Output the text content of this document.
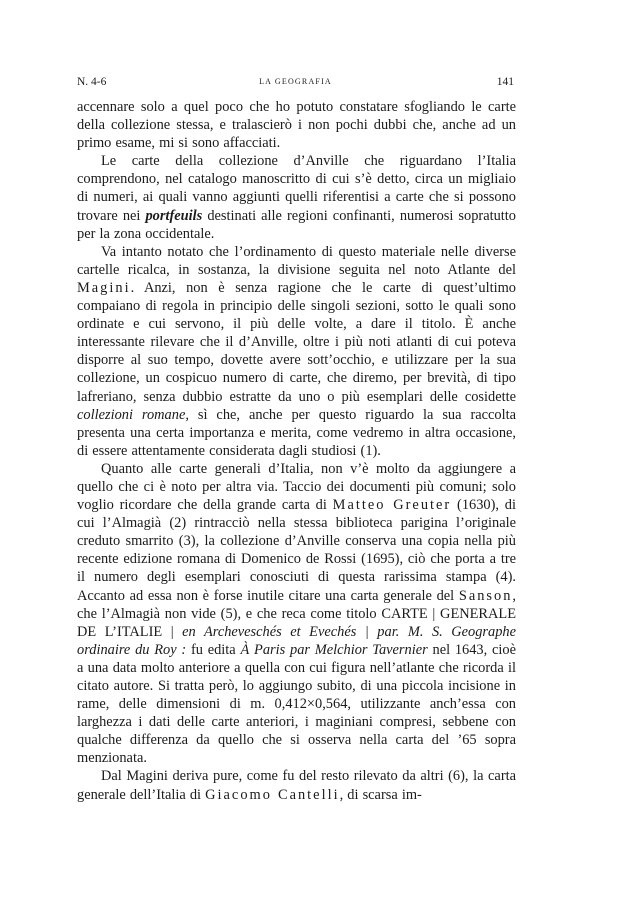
N. 4-6	LA GEOGRAFIA	141

accennare solo a quel poco che ho potuto constatare sfogliando le carte della collezione stessa, e tralascierò i non pochi dubbi che, anche ad un primo esame, mi si sono affacciati.

Le carte della collezione d’Anville che riguardano l’Italia comprendono, nel catalogo manoscritto di cui s’è detto, circa un migliaio di numeri, ai quali vanno aggiunti quelli riferentisi a carte che si possono trovare nei portfeuils destinati alle regioni confinanti, numerosi sopratutto per la zona occidentale.

Va intanto notato che l’ordinamento di questo materiale nelle diverse cartelle ricalca, in sostanza, la divisione seguita nel noto Atlante del Magini. Anzi, non è senza ragione che le carte di quest’ultimo compaiano di regola in principio delle singoli sezioni, sotto le quali sono ordinate e cui servono, il più delle volte, a dare il titolo. È anche interessante rilevare che il d’Anville, oltre i più noti atlanti di cui poteva disporre al suo tempo, dovette avere sott’occhio, e utilizzare per la sua collezione, un cospicuo numero di carte, che diremo, per brevità, di tipo lafreriano, senza dubbio estratte da uno o più esemplari delle cosidette collezioni romane, sì che, anche per questo riguardo la sua raccolta presenta una certa importanza e merita, come vedremo in altra occasione, di essere attentamente considerata dagli studiosi (1).

Quanto alle carte generali d’Italia, non v’è molto da aggiungere a quello che ci è noto per altra via. Taccio dei documenti più comuni; solo voglio ricordare che della grande carta di Matteo Greuter (1630), di cui l’Almagià (2) rintracciò nella stessa biblioteca parigina l’originale creduto smarrito (3), la collezione d’Anville conserva una copia nella più recente edizione romana di Domenico de Rossi (1695), ciò che porta a tre il numero degli esemplari conosciuti di questa rarissima stampa (4). Accanto ad essa non è forse inutile citare una carta generale del Sanson, che l’Almagià non vide (5), e che reca come titolo CARTE | GENERALE DE L’ITALIE | en Archeveschés et Evechés | par. M. S. Geographe ordinaire du Roy : fu edita À Paris par Melchior Tavernier nel 1643, cioè a una data molto anteriore a quella con cui figura nell’atlante che ricorda il citato autore. Si tratta però, lo aggiungo subito, di una piccola incisione in rame, delle dimensioni di m. 0,412×0,564, utilizzante anch’essa con larghezza i dati delle carte anteriori, i maginiani compresi, sebbene con qualche differenza da quello che si osserva nella carta del ’65 sopra menzionata.

Dal Magini deriva pure, come fu del resto rilevato da altri (6), la carta generale dell’Italia di Giacomo Cantelli, di scarsa im-
